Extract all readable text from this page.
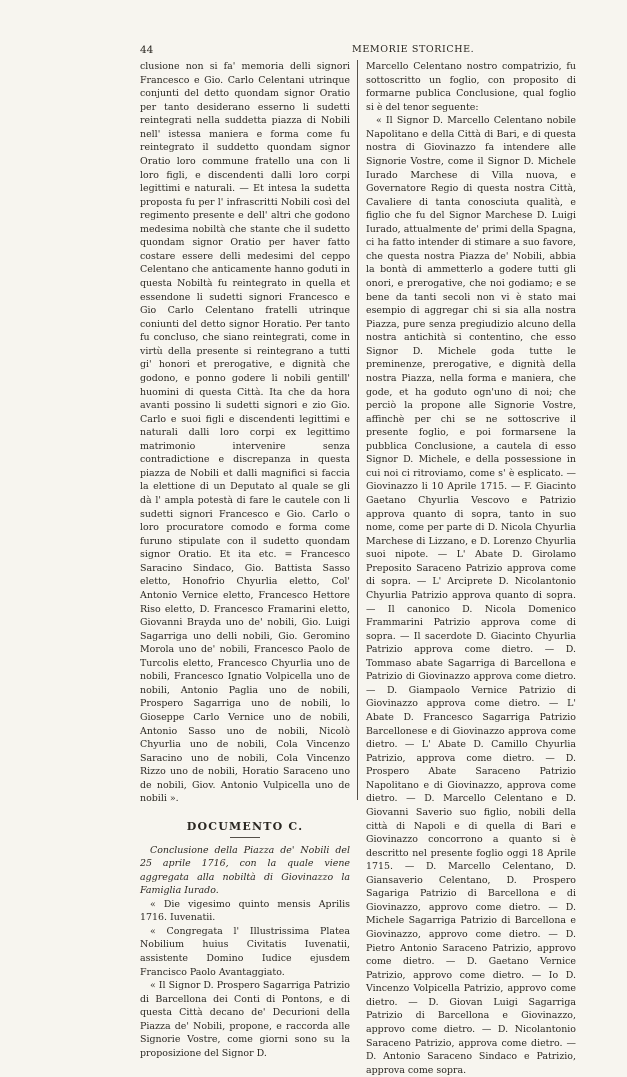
44	MEMORIE STORICHE.

clusione non si fa' memoria delli signori Francesco e Gio. Carlo Celentani utrinque conjunti del detto quondam signor Oratio per tanto desiderano esserno li sudetti reintegrati nella suddetta piazza di Nobili nell' istessa maniera e forma come fu reintegrato il suddetto quondam signor Oratio loro commune fratello una con li loro figli, e discendenti dalli loro corpi legittimi e naturali. — Et intesa la sudetta proposta fu per l' infrascritti Nobili così del regimento presente e dell' altri che godono medesima nobiltà che stante che il sudetto quondam signor Oratio per haver fatto costare essere delli medesimi del ceppo Celentano che anticamente hanno goduti in questa Nobiltà fu reintegrato in quella et essendone li sudetti signori Francesco e Gio Carlo Celentano fratelli utrinque coniunti del detto signor Horatio. Per tanto fu concluso, che siano reintegrati, come in virtù della presente si reintegrano a tutti gi' honori et prerogative, e dignità che godono, e ponno godere li nobili gentill' huomini di questa Città. Ita che da hora avanti possino li sudetti signori e zio Gio. Carlo e suoi figli e discendenti legittimi e naturali dalli loro corpi ex legittimo matrimonio intervenire senza contradictione e discrepanza in questa piazza de Nobili et dalli magnifici si faccia la elettione di un Deputato al quale se gli dà l' ampla potestà di fare le cautele con li sudetti signori Francesco e Gio. Carlo o loro procuratore comodo e forma come furuno stipulate con il sudetto quondam signor Oratio. Et ita etc. = Francesco Saracino Sindaco, Gio. Battista Sasso eletto, Honofrio Chyurlia eletto, Col' Antonio Vernice eletto, Francesco Hettore Riso eletto, D. Francesco Framarini eletto, Giovanni Brayda uno de' nobili, Gio. Luigi Sagarriga uno delli nobili, Gio. Geromino Morola uno de' nobili, Francesco Paolo de Turcolis eletto, Francesco Chyurlia uno de nobili, Francesco Ignatio Volpicella uno de nobili, Antonio Paglia uno de nobili, Prospero Sagarriga uno de nobili, lo Gioseppe Carlo Vernice uno de nobili, Antonio Sasso uno de nobili, Nicolò Chyurlia uno de nobili, Cola Vincenzo Saracino uno de nobili, Cola Vincenzo Rizzo uno de nobili, Horatio Saraceno uno de nobili, Giov. Antonio Vulpicella uno de nobili ».

DOCUMENTO C.

Conclusione della Piazza de' Nobili del 25 aprile 1716, con la quale viene aggregata alla nobiltà di Giovinazzo la Famiglia Iurado.

« Die vigesimo quinto mensis Aprilis 1716. Iuvenatii.

« Congregata l' Illustrissima Platea Nobilium huius Civitatis Iuvenatii, assistente Domino Iudice ejusdem Francisco Paolo Avantaggiato.

« Il Signor D. Prospero Sagarriga Patrizio di Barcellona dei Conti di Pontons, e di questa Città decano de' Decurioni della Piazza de' Nobili, propone, e raccorda alle Signorie Vostre, come giorni sono su la proposizione del Signor D.

Marcello Celentano nostro compatrizio, fu sottoscritto un foglio, con proposito di formarne publica Conclusione, qual foglio si è del tenor seguente:

« Il Signor D. Marcello Celentano nobile Napolitano e della Città di Bari, e di questa nostra di Giovinazzo fa intendere alle Signorie Vostre, come il Signor D. Michele Iurado Marchese di Villa nuova, e Governatore Regio di questa nostra Città, Cavaliere di tanta conosciuta qualità, e figlio che fu del Signor Marchese D. Luigi Iurado, attualmente de' primi della Spagna, ci ha fatto intender di stimare a suo favore, che questa nostra Piazza de' Nobili, abbia la bontà di ammetterlo a godere tutti gli onori, e prerogative, che noi godiamo; e se bene da tanti secoli non vi è stato mai esempio di aggregar chi si sia alla nostra Piazza, pure senza pregiudizio alcuno della nostra antichità si contentino, che esso Signor D. Michele goda tutte le preminenze, prerogative, e dignità della nostra Piazza, nella forma e maniera, che gode, et ha goduto ogn'uno di noi; che perciò la propone alle Signorie Vostre, affinchè per chi se ne sottoscrive il presente foglio, e poi formarsene la pubblica Conclusione, a cautela di esso Signor D. Michele, e della possessione in cui noi ci ritroviamo, come s' è esplicato. — Giovinazzo li 10 Aprile 1715. — F. Giacinto Gaetano Chyurlia Vescovo e Patrizio approva quanto di sopra, tanto in suo nome, come per parte di D. Nicola Chyurlia Marchese di Lizzano, e D. Lorenzo Chyurlia suoi nipote. — L' Abate D. Girolamo Preposito Saraceno Patrizio approva come di sopra. — L' Arciprete D. Nicolantonio Chyurlia Patrizio approva quanto di sopra. — Il canonico D. Nicola Domenico Frammarini Patrizio approva come di sopra. — Il sacerdote D. Giacinto Chyurlia Patrizio approva come dietro. — D. Tommaso abate Sagarriga di Barcellona e Patrizio di Giovinazzo approva come dietro. — D. Giampaolo Vernice Patrizio di Giovinazzo approva come dietro. — L' Abate D. Francesco Sagarriga Patrizio Barcellonese e di Giovinazzo approva come dietro. — L' Abate D. Camillo Chyurlia Patrizio, approva come dietro. — D. Prospero Abate Saraceno Patrizio Napolitano e di Giovinazzo, approva come dietro. — D. Marcello Celentano e D. Giovanni Saverio suo figlio, nobili della città di Napoli e di quella di Bari e Giovinazzo concorrono a quanto si è descritto nel presente foglio oggi 18 Aprile 1715. — D. Marcello Celentano, D. Giansaverio Celentano, D. Prospero Sagariga Patrizio di Barcellona e di Giovinazzo, approvo come dietro. — D. Michele Sagarriga Patrizio di Barcellona e Giovinazzo, approvo come dietro. — D. Pietro Antonio Saraceno Patrizio, approvo come dietro. — D. Gaetano Vernice Patrizio, approvo come dietro. — Io D. Vincenzo Volpicella Patrizio, approvo come dietro. — D. Giovan Luigi Sagarriga Patrizio di Barcellona e Giovinazzo, approvo come dietro. — D. Nicolantonio Saraceno Patrizio, approva come dietro. — D. Antonio Saraceno Sindaco e Patrizio, approva come sopra.
